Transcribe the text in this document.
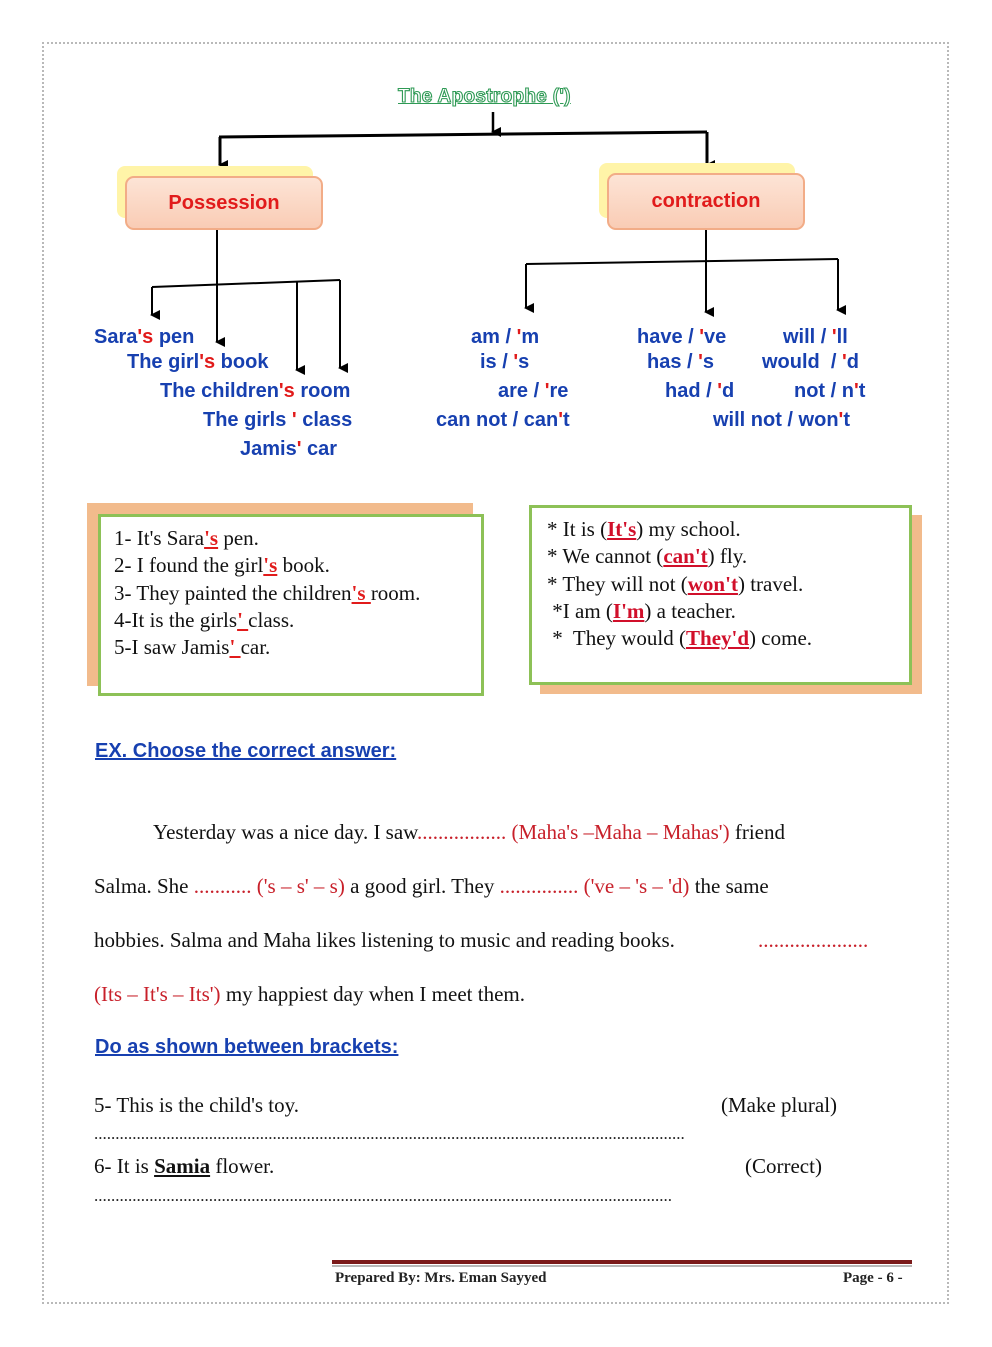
The Apostrophe (')
Possession	contraction
Sara's pen
The girl's book
The children's room
The girls ' class
Jamis' car
am / 'm
is / 's
are / 're
can not / can't
have / 've
has / 's
had / 'd
will / 'll
would  / 'd
not / n't
will not / won't
1- It's Sara's pen.
2- I found the girl's book.
3- They painted the children's room.
4-It is the girls' class.
5-I saw Jamis' car.
* It is (It's) my school.
* We cannot (can't) fly.
* They will not (won't) travel.
*I am (I'm) a teacher.
*  They would (They'd) come.
EX. Choose the correct answer:
Yesterday was a nice day. I saw................. (Maha's –Maha – Mahas') friend
Salma. She ........... ('s – s' – s) a good girl. They ............... ('ve – 's – 'd) the same
hobbies. Salma and Maha likes listening to music and reading books.	.....................
(Its – It's – Its') my happiest day when I meet them.
Do as shown between brackets:
5- This is the child's toy.	(Make plural)
...........................................................................................................................................
6- It is Samia flower.	(Correct)
........................................................................................................................................
Prepared By: Mrs. Eman Sayyed	Page - 6 -
